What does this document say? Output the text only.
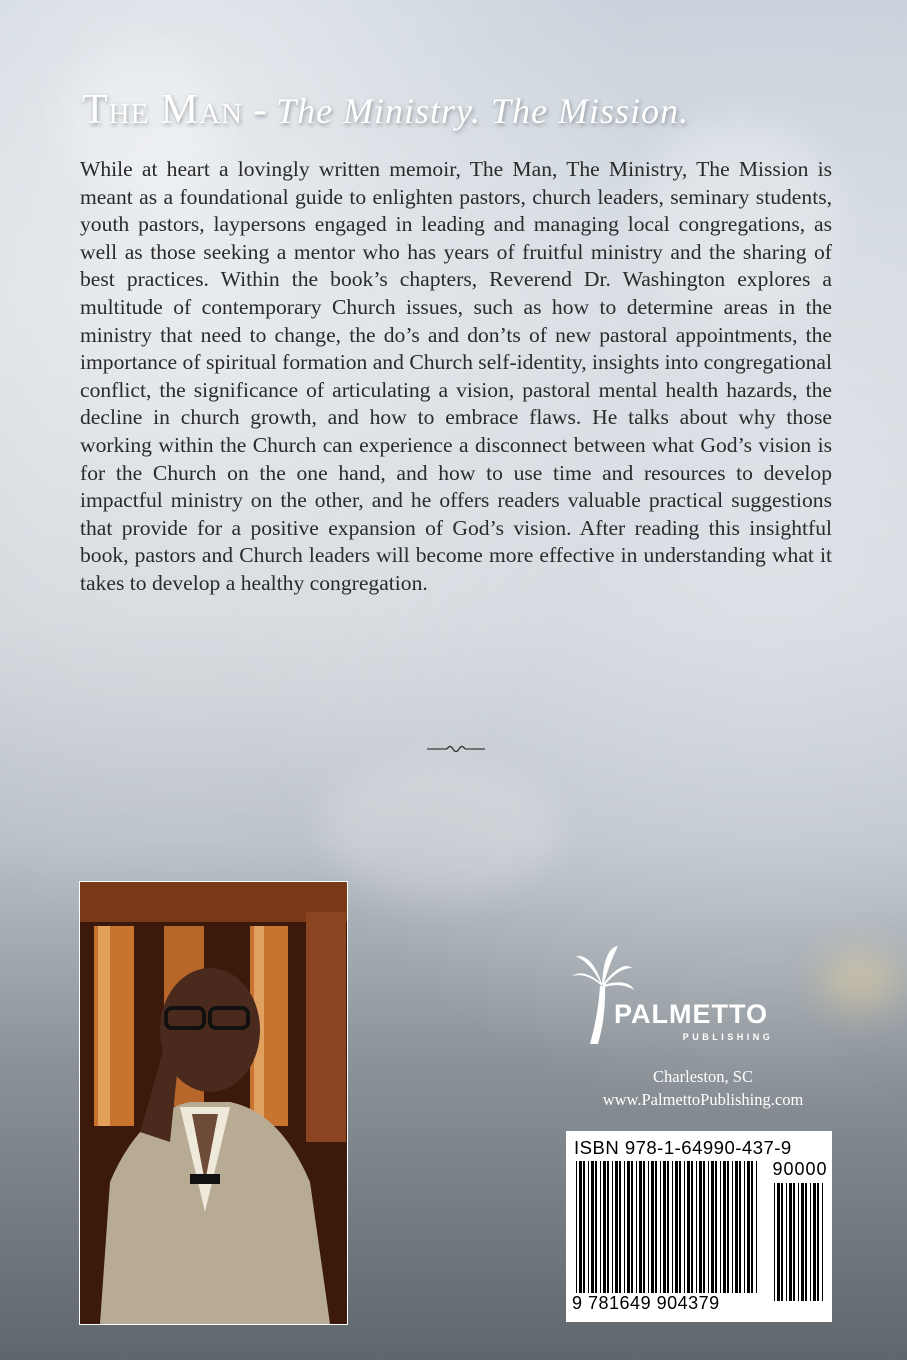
The Man - The Ministry. The Mission.
While at heart a lovingly written memoir, The Man, The Ministry, The Mission is meant as a foundational guide to enlighten pastors, church leaders, seminary students, youth pastors, laypersons engaged in leading and managing local congregations, as well as those seeking a mentor who has years of fruitful ministry and the sharing of best practices. Within the book’s chapters, Reverend Dr. Washington explores a multitude of contemporary Church issues, such as how to determine areas in the ministry that need to change, the do’s and don’ts of new pastoral appointments, the importance of spiritual formation and Church self-identity, insights into congregational conflict, the significance of articulating a vision, pastoral mental health hazards, the decline in church growth, and how to embrace flaws. He talks about why those working within the Church can experience a disconnect between what God’s vision is for the Church on the one hand, and how to use time and resources to develop impactful ministry on the other, and he offers readers valuable practical suggestions that provide for a positive expansion of God’s vision. After reading this insightful book, pastors and Church leaders will become more effective in understanding what it takes to develop a healthy congregation.
PALMETTO
PUBLISHING
Charleston, SC
www.PalmettoPublishing.com
ISBN 978-1-64990-437-9
90000
9 781649 904379
